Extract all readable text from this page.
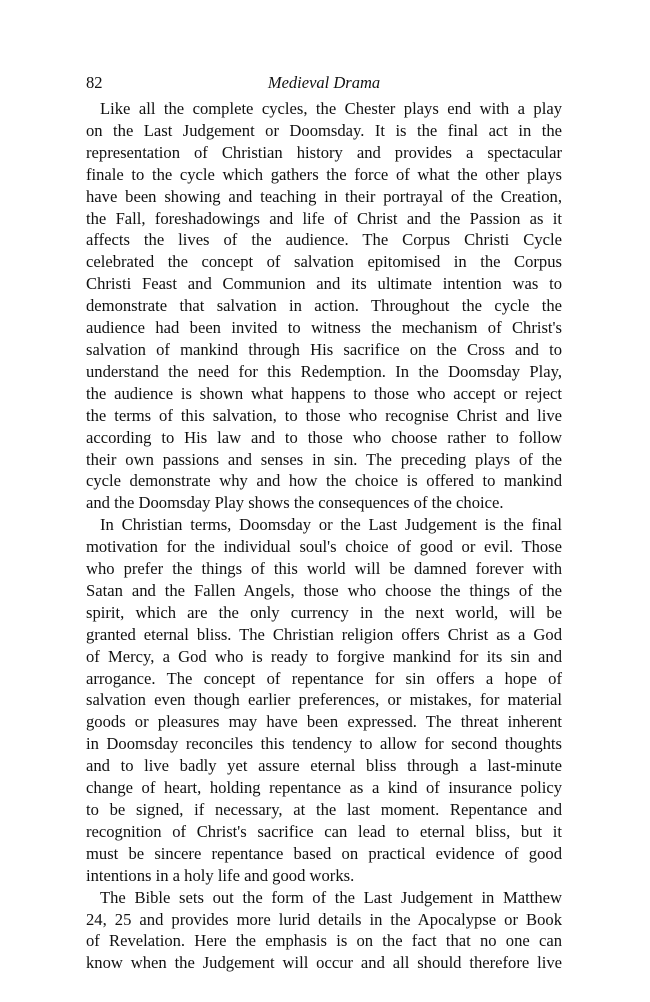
82	Medieval Drama

Like all the complete cycles, the Chester plays end with a play
on the Last Judgement or Doomsday. It is the final act in the
representation of Christian history and provides a spectacular
finale to the cycle which gathers the force of what the other plays
have been showing and teaching in their portrayal of the Creation,
the Fall, foreshadowings and life of Christ and the Passion as it
affects the lives of the audience. The Corpus Christi Cycle
celebrated the concept of salvation epitomised in the Corpus
Christi Feast and Communion and its ultimate intention was to
demonstrate that salvation in action. Throughout the cycle the
audience had been invited to witness the mechanism of Christ's
salvation of mankind through His sacrifice on the Cross and to
understand the need for this Redemption. In the Doomsday Play,
the audience is shown what happens to those who accept or reject
the terms of this salvation, to those who recognise Christ and live
according to His law and to those who choose rather to follow
their own passions and senses in sin. The preceding plays of the
cycle demonstrate why and how the choice is offered to mankind
and the Doomsday Play shows the consequences of the choice.

In Christian terms, Doomsday or the Last Judgement is the final
motivation for the individual soul's choice of good or evil. Those
who prefer the things of this world will be damned forever with
Satan and the Fallen Angels, those who choose the things of the
spirit, which are the only currency in the next world, will be
granted eternal bliss. The Christian religion offers Christ as a God
of Mercy, a God who is ready to forgive mankind for its sin and
arrogance. The concept of repentance for sin offers a hope of
salvation even though earlier preferences, or mistakes, for material
goods or pleasures may have been expressed. The threat inherent
in Doomsday reconciles this tendency to allow for second thoughts
and to live badly yet assure eternal bliss through a last-minute
change of heart, holding repentance as a kind of insurance policy
to be signed, if necessary, at the last moment. Repentance and
recognition of Christ's sacrifice can lead to eternal bliss, but it
must be sincere repentance based on practical evidence of good
intentions in a holy life and good works.

The Bible sets out the form of the Last Judgement in Matthew
24, 25 and provides more lurid details in the Apocalypse or Book
of Revelation. Here the emphasis is on the fact that no one can
know when the Judgement will occur and all should therefore live
